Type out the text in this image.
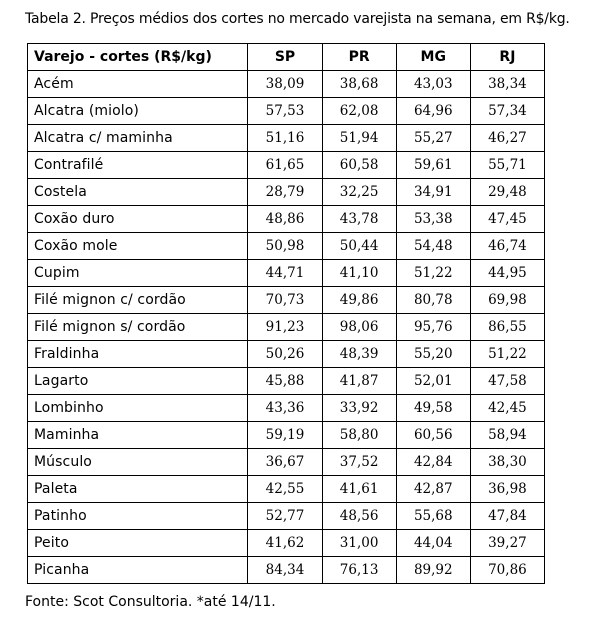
Tabela 2. Preços médios dos cortes no mercado varejista na semana, em R$/kg.
Varejo - cortes (R$/kg)	SP	PR	MG	RJ
Acém	38,09	38,68	43,03	38,34
Alcatra (miolo)	57,53	62,08	64,96	57,34
Alcatra c/ maminha	51,16	51,94	55,27	46,27
Contrafilé	61,65	60,58	59,61	55,71
Costela	28,79	32,25	34,91	29,48
Coxão duro	48,86	43,78	53,38	47,45
Coxão mole	50,98	50,44	54,48	46,74
Cupim	44,71	41,10	51,22	44,95
Filé mignon c/ cordão	70,73	49,86	80,78	69,98
Filé mignon s/ cordão	91,23	98,06	95,76	86,55
Fraldinha	50,26	48,39	55,20	51,22
Lagarto	45,88	41,87	52,01	47,58
Lombinho	43,36	33,92	49,58	42,45
Maminha	59,19	58,80	60,56	58,94
Músculo	36,67	37,52	42,84	38,30
Paleta	42,55	41,61	42,87	36,98
Patinho	52,77	48,56	55,68	47,84
Peito	41,62	31,00	44,04	39,27
Picanha	84,34	76,13	89,92	70,86
Fonte: Scot Consultoria. *até 14/11.
